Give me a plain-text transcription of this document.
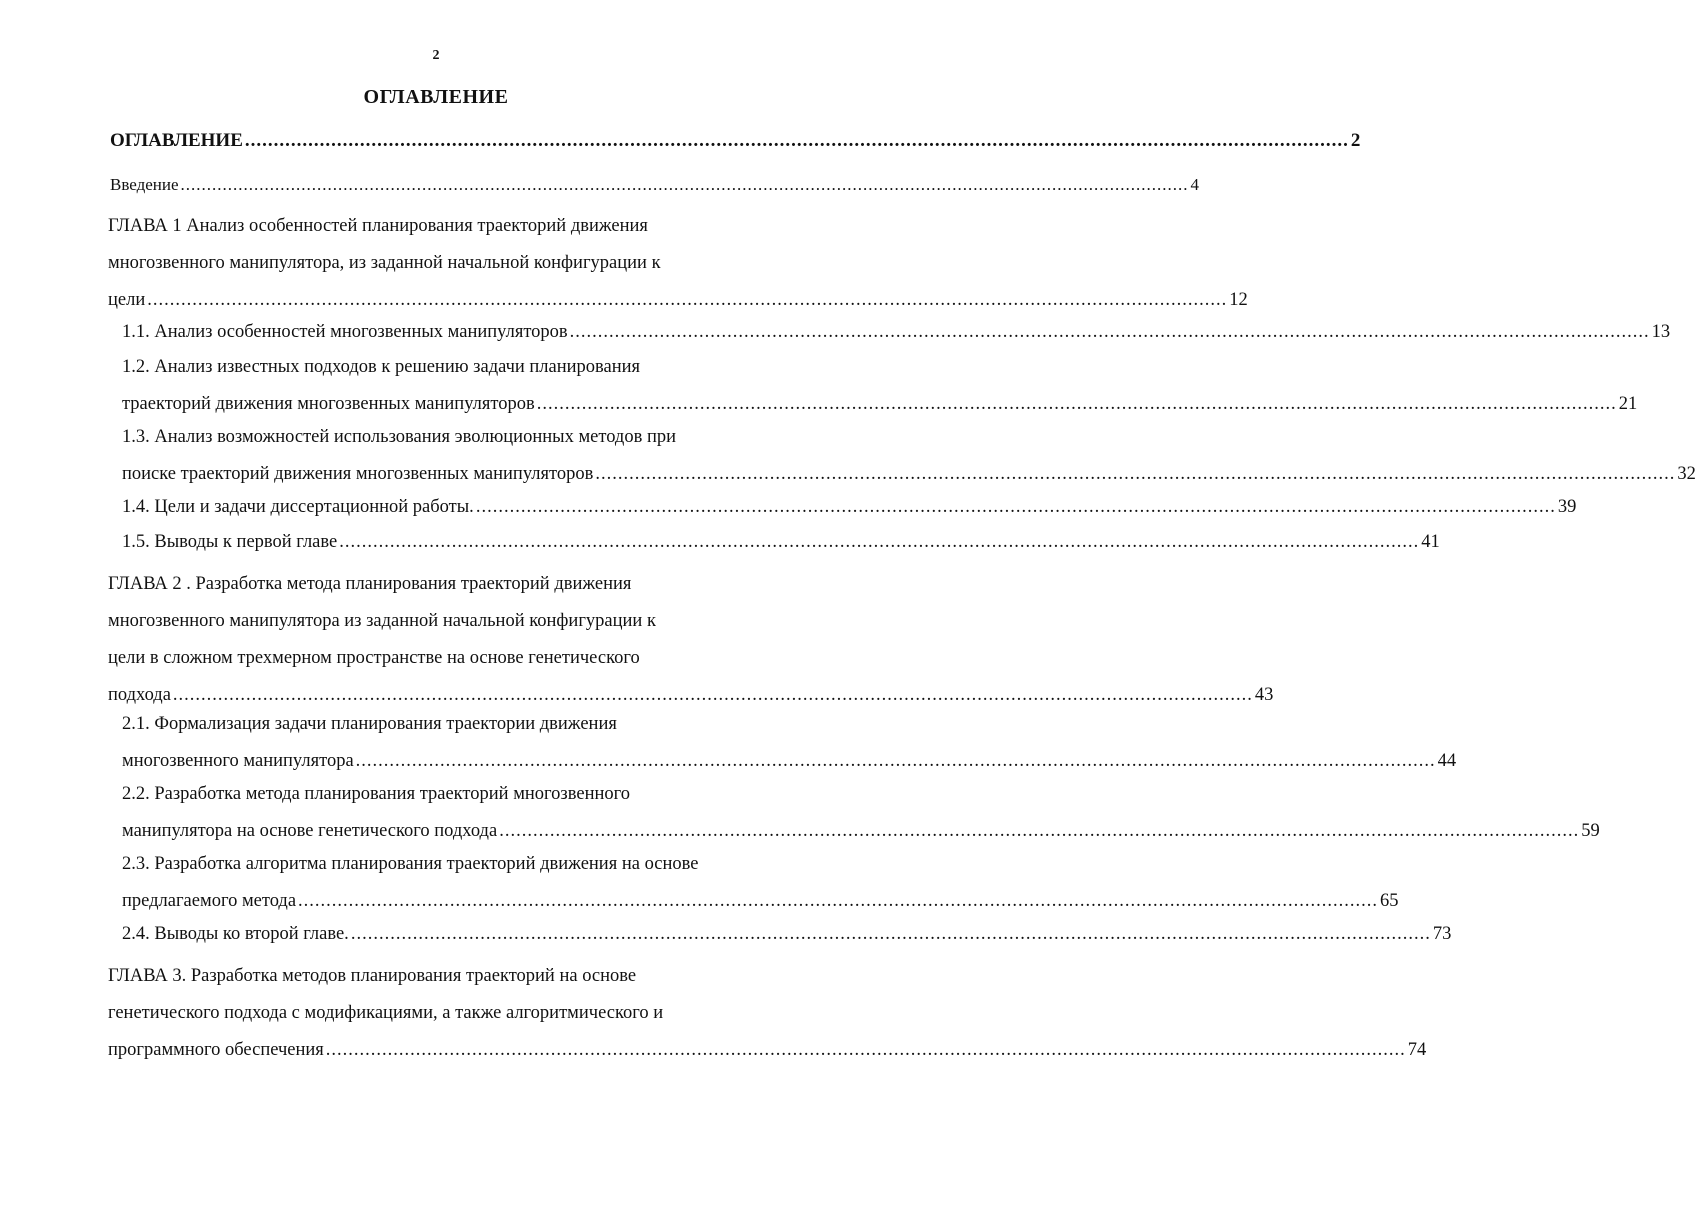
2
ОГЛАВЛЕНИЕ
ОГЛАВЛЕНИЕ ................................................................................................................................................................................................ 2
Введение ................................................................................................................................................................................................ 4
ГЛАВА 1 Анализ особенностей планирования траекторий движения
многозвенного манипулятора, из заданной начальной конфигурации к
цели ................................................................................................................................................................................................ 12
1.1. Анализ особенностей многозвенных манипуляторов ................................................................................................................................................................................................ 13
1.2. Анализ известных подходов к решению задачи планирования
траекторий движения многозвенных манипуляторов ................................................................................................................................................................................................ 21
1.3. Анализ возможностей использования эволюционных методов при
поиске траекторий движения многозвенных манипуляторов ................................................................................................................................................................................................ 32
1.4. Цели и задачи диссертационной работы. ................................................................................................................................................................................................ 39
1.5. Выводы к первой главе ................................................................................................................................................................................................ 41
ГЛАВА 2 . Разработка метода планирования траекторий движения
многозвенного манипулятора из заданной начальной конфигурации к
цели в сложном трехмерном пространстве на основе генетического
подхода ................................................................................................................................................................................................ 43
2.1. Формализация задачи планирования траектории движения
многозвенного манипулятора ................................................................................................................................................................................................ 44
2.2. Разработка метода планирования траекторий многозвенного
манипулятора на основе генетического подхода ................................................................................................................................................................................................ 59
2.3. Разработка алгоритма планирования траекторий движения на основе
предлагаемого метода ................................................................................................................................................................................................ 65
2.4. Выводы ко второй главе. ................................................................................................................................................................................................ 73
ГЛАВА 3. Разработка методов планирования траекторий на основе
генетического подхода с модификациями, а также алгоритмического и
программного обеспечения ................................................................................................................................................................................................ 74
